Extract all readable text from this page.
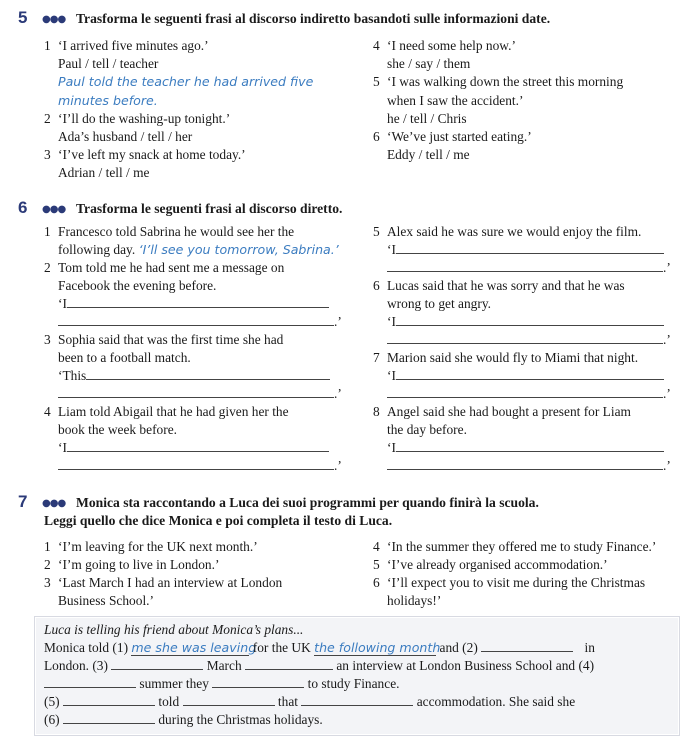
5 ●●● Trasforma le seguenti frasi al discorso indiretto basandoti sulle informazioni date.
1 ‘I arrived five minutes ago.’
Paul / tell / teacher
Paul told the teacher he had arrived five
minutes before.
2 ‘I’ll do the washing-up tonight.’
Ada’s husband / tell / her
3 ‘I’ve left my snack at home today.’
Adrian / tell / me
4 ‘I need some help now.’
she / say / them
5 ‘I was walking down the street this morning
when I saw the accident.’
he / tell / Chris
6 ‘We’ve just started eating.’
Eddy / tell / me
6 ●●● Trasforma le seguenti frasi al discorso diretto.
1 Francesco told Sabrina he would see her the
following day. ‘I’ll see you tomorrow, Sabrina.’
2 Tom told me he had sent me a message on
Facebook the evening before.
‘I
.’
3 Sophia said that was the first time she had
been to a football match.
‘This
.’
4 Liam told Abigail that he had given her the
book the week before.
‘I
.’
5 Alex said he was sure we would enjoy the film.
‘I
.’
6 Lucas said that he was sorry and that he was
wrong to get angry.
‘I
.’
7 Marion said she would fly to Miami that night.
‘I
.’
8 Angel said she had bought a present for Liam
the day before.
‘I
.’
7 ●●● Monica sta raccontando a Luca dei suoi programmi per quando finirà la scuola.
Leggi quello che dice Monica e poi completa il testo di Luca.
1 ‘I’m leaving for the UK next month.’
2 ‘I’m going to live in London.’
3 ‘Last March I had an interview at London
Business School.’
4 ‘In the summer they offered me to study Finance.’
5 ‘I’ve already organised accommodation.’
6 ‘I’ll expect you to visit me during the Christmas
holidays!’
Luca is telling his friend about Monica’s plans...
Monica told (1) me she was leaving for the UK the following month and (2)	in
London. (3)	March	an interview at London Business School and (4)
summer they	to study Finance.
(5)	told	that	accommodation. She said she
(6)	during the Christmas holidays.
